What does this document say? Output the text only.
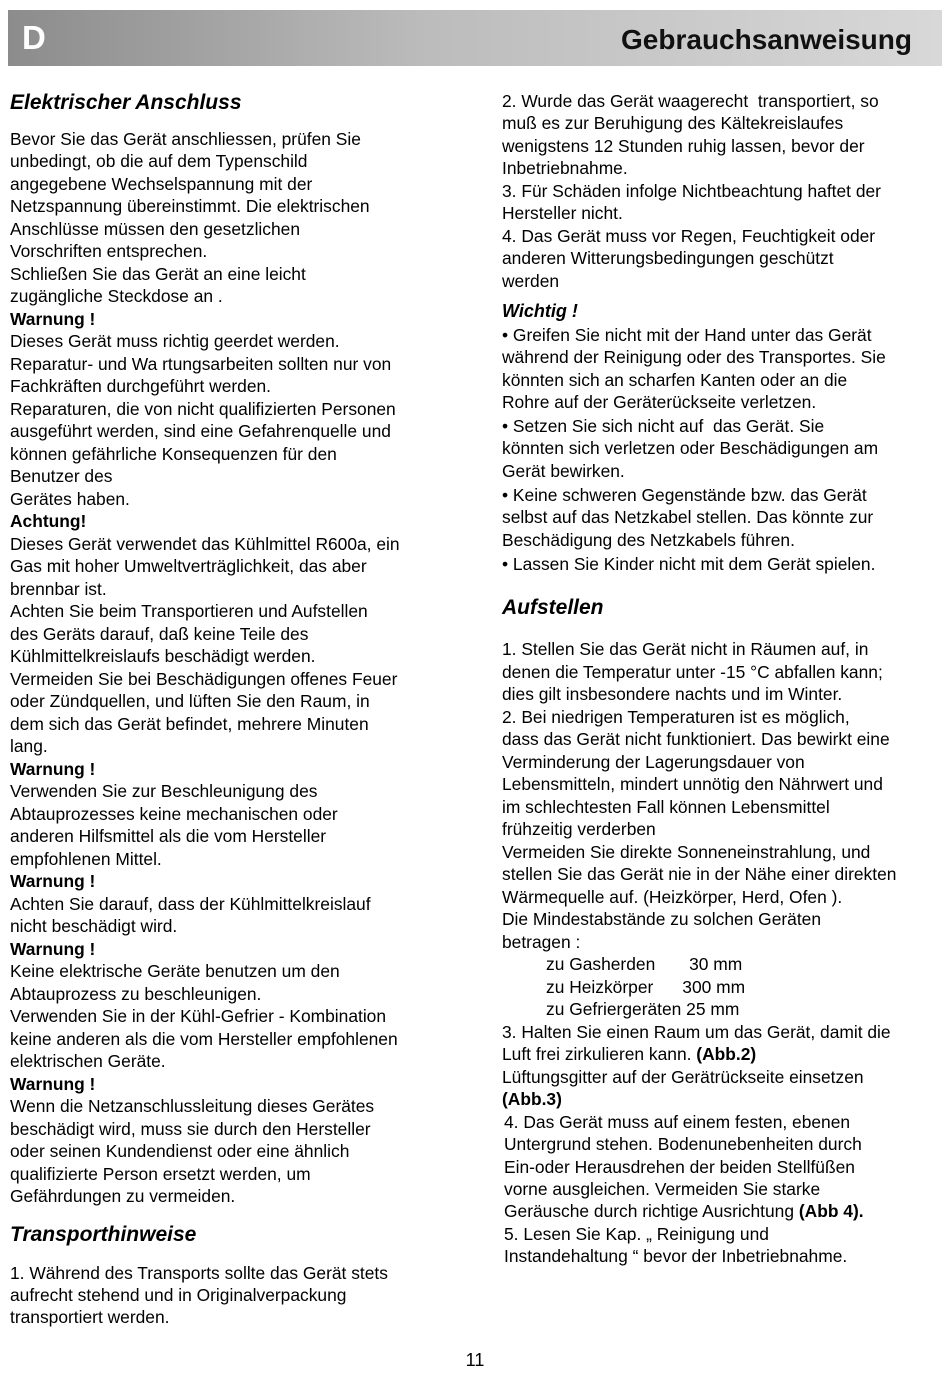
D	Gebrauchsanweisung
Elektrischer Anschluss
Bevor Sie das Gerät anschliessen, prüfen Sie
unbedingt, ob die auf dem Typenschild
angegebene Wechselspannung mit der
Netzspannung übereinstimmt. Die elektrischen
Anschlüsse müssen den gesetzlichen
Vorschriften entsprechen.
Schließen Sie das Gerät an eine leicht
zugängliche Steckdose an .
Warnung !
Dieses Gerät muss richtig geerdet werden.
Reparatur- und Wa rtungsarbeiten sollten nur von
Fachkräften durchgeführt werden.
Reparaturen, die von nicht qualifizierten Personen
ausgeführt werden, sind eine Gefahrenquelle und
können gefährliche Konsequenzen für den
Benutzer des
Gerätes haben.
Achtung!
Dieses Gerät verwendet das Kühlmittel R600a, ein
Gas mit hoher Umweltverträglichkeit, das aber
brennbar ist.
Achten Sie beim Transportieren und Aufstellen
des Geräts darauf, daß keine Teile des
Kühlmittelkreislaufs beschädigt werden.
Vermeiden Sie bei Beschädigungen offenes Feuer
oder Zündquellen, und lüften Sie den Raum, in
dem sich das Gerät befindet, mehrere Minuten
lang.
Warnung !
Verwenden Sie zur Beschleunigung des
Abtauprozesses keine mechanischen oder
anderen Hilfsmittel als die vom Hersteller
empfohlenen Mittel.
Warnung !
Achten Sie darauf, dass der Kühlmittelkreislauf
nicht beschädigt wird.
Warnung !
Keine elektrische Geräte benutzen um den
Abtauprozess zu beschleunigen.
Verwenden Sie in der Kühl-Gefrier - Kombination
keine anderen als die vom Hersteller empfohlenen
elektrischen Geräte.
Warnung !
Wenn die Netzanschlussleitung dieses Gerätes
beschädigt wird, muss sie durch den Hersteller
oder seinen Kundendienst oder eine ähnlich
qualifizierte Person ersetzt werden, um
Gefährdungen zu vermeiden.
Transporthinweise
1. Während des Transports sollte das Gerät stets
aufrecht stehend und in Originalverpackung
transportiert werden.
2. Wurde das Gerät waagerecht  transportiert, so
muß es zur Beruhigung des Kältekreislaufes
wenigstens 12 Stunden ruhig lassen, bevor der
Inbetriebnahme.
3. Für Schäden infolge Nichtbeachtung haftet der
Hersteller nicht.
4. Das Gerät muss vor Regen, Feuchtigkeit oder
anderen Witterungsbedingungen geschützt
werden
Wichtig !
• Greifen Sie nicht mit der Hand unter das Gerät
während der Reinigung oder des Transportes. Sie
könnten sich an scharfen Kanten oder an die
Rohre auf der Geräterückseite verletzen.
• Setzen Sie sich nicht auf  das Gerät. Sie
könnten sich verletzen oder Beschädigungen am
Gerät bewirken.
• Keine schweren Gegenstände bzw. das Gerät
selbst auf das Netzkabel stellen. Das könnte zur
Beschädigung des Netzkabels führen.
• Lassen Sie Kinder nicht mit dem Gerät spielen.
Aufstellen
1. Stellen Sie das Gerät nicht in Räumen auf, in
denen die Temperatur unter -15 °C abfallen kann;
dies gilt insbesondere nachts und im Winter.
2. Bei niedrigen Temperaturen ist es möglich,
dass das Gerät nicht funktioniert. Das bewirkt eine
Verminderung der Lagerungsdauer von
Lebensmitteln, mindert unnötig den Nährwert und
im schlechtesten Fall können Lebensmittel
frühzeitig verderben
Vermeiden Sie direkte Sonneneinstrahlung, und
stellen Sie das Gerät nie in der Nähe einer direkten
Wärmequelle auf. (Heizkörper, Herd, Ofen ).
Die Mindestabstände zu solchen Geräten
betragen :
zu Gasherden       30 mm
zu Heizkörper      300 mm
zu Gefriergeräten 25 mm
3. Halten Sie einen Raum um das Gerät, damit die
Luft frei zirkulieren kann. (Abb.2)
Lüftungsgitter auf der Gerätrückseite einsetzen
(Abb.3)
4. Das Gerät muss auf einem festen, ebenen
Untergrund stehen. Bodenunebenheiten durch
Ein-oder Herausdrehen der beiden Stellfüßen
vorne ausgleichen. Vermeiden Sie starke
Geräusche durch richtige Ausrichtung (Abb 4).
5. Lesen Sie Kap. „ Reinigung und
Instandehaltung “ bevor der Inbetriebnahme.
11
